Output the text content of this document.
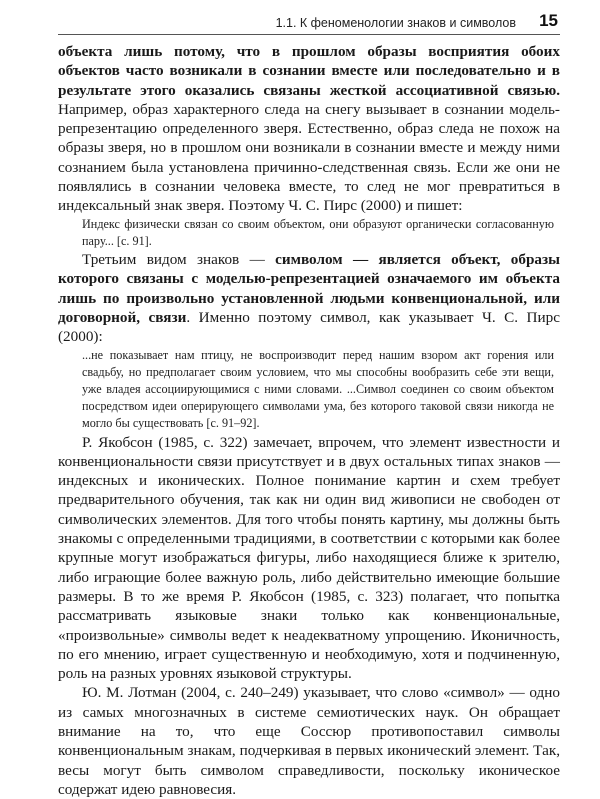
1.1. К феноменологии знаков и символов 15

объекта лишь потому, что в прошлом образы восприятия обоих объектов часто возникали в сознании вместе или последовательно и в результате этого оказались связаны жесткой ассоциативной связью. Например, образ характерного следа на снегу вызывает в сознании модель-репрезентацию определенного зверя. Естественно, образ следа не похож на образы зверя, но в прошлом они возникали в сознании вместе и между ними сознанием была установлена причинно-следственная связь. Если же они не появлялись в сознании человека вместе, то след не мог превратиться в индексальный знак зверя. Поэтому Ч. С. Пирс (2000) и пишет:

Индекс физически связан со своим объектом, они образуют органически согласованную пару... [с. 91].

Третьим видом знаков — символом — является объект, образы которого связаны с моделью-репрезентацией означаемого им объекта лишь по произвольно установленной людьми конвенциональной, или договорной, связи. Именно поэтому символ, как указывает Ч. С. Пирс (2000):

...не показывает нам птицу, не воспроизводит перед нашим взором акт горения или свадьбу, но предполагает своим условием, что мы способны вообразить себе эти вещи, уже владея ассоциирующимися с ними словами. ...Символ соединен со своим объектом посредством идеи оперирующего символами ума, без которого таковой связи никогда не могло бы существовать [с. 91–92].

Р. Якобсон (1985, с. 322) замечает, впрочем, что элемент известности и конвенциональности связи присутствует и в двух остальных типах знаков — индексных и иконических. Полное понимание картин и схем требует предварительного обучения, так как ни один вид живописи не свободен от символических элементов. Для того чтобы понять картину, мы должны быть знакомы с определенными традициями, в соответствии с которыми как более крупные могут изображаться фигуры, либо находящиеся ближе к зрителю, либо играющие более важную роль, либо действительно имеющие большие размеры. В то же время Р. Якобсон (1985, с. 323) полагает, что попытка рассматривать языковые знаки только как конвенциональные, «произвольные» символы ведет к неадекватному упрощению. Иконичность, по его мнению, играет существенную и необходимую, хотя и подчиненную, роль на разных уровнях языковой структуры.

Ю. М. Лотман (2004, с. 240–249) указывает, что слово «символ» — одно из самых многозначных в системе семиотических наук. Он обращает внимание на то, что еще Соссюр противопоставил символы конвенциональным знакам, подчеркивая в первых иконический элемент. Так, весы могут быть символом справедливости, поскольку иконическое содержат идею равновесия.
